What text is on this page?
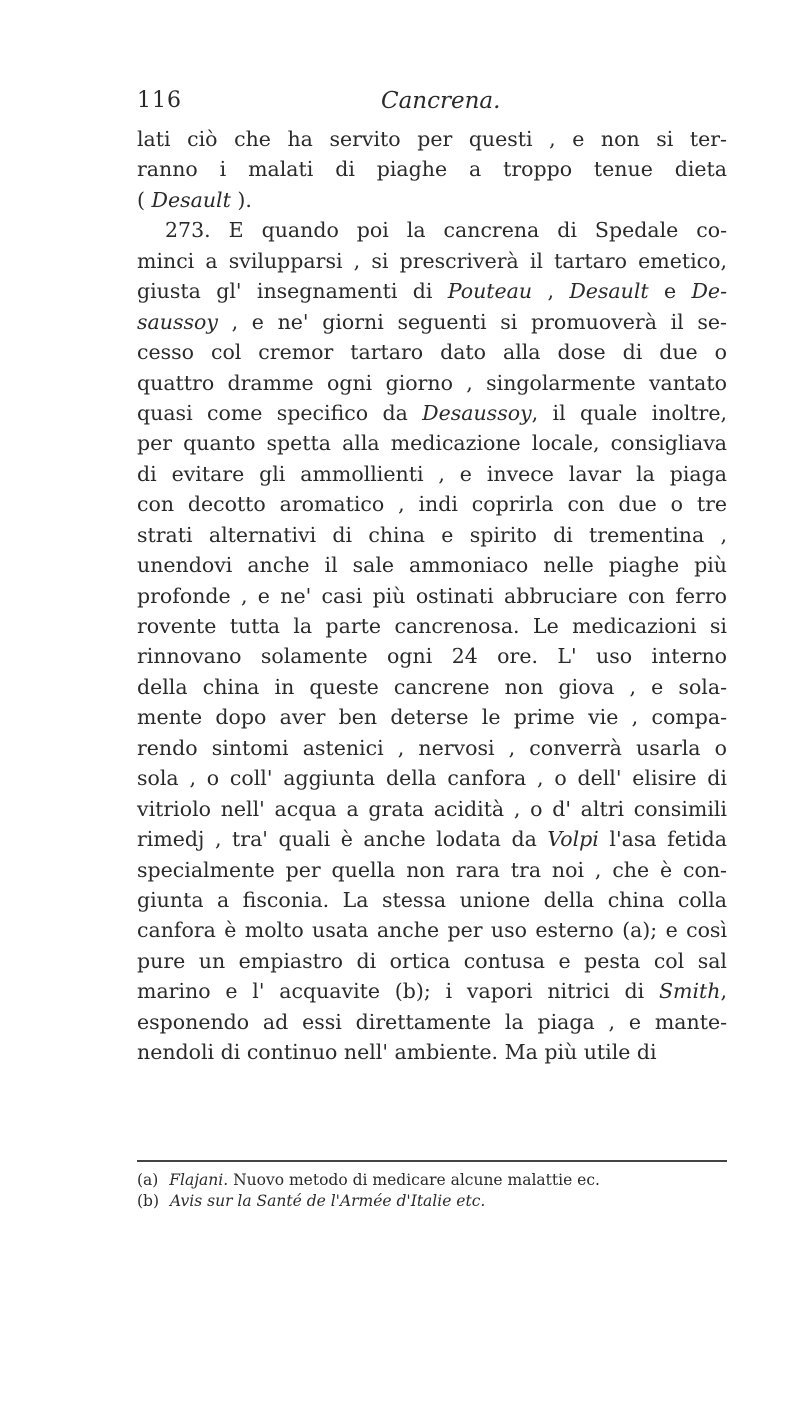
116	Cancrena.
lati ciò che ha servito per questi , e non si ter-
ranno i malati di piaghe a troppo tenue dieta
( Desault ).
273. E quando poi la cancrena di Spedale co-
minci a svilupparsi , si prescriverà il tartaro emetico,
giusta gl' insegnamenti di Pouteau , Desault e De-
saussoy , e ne' giorni seguenti si promuoverà il se-
cesso col cremor tartaro dato alla dose di due o
quattro dramme ogni giorno , singolarmente vantato
quasi come specifico da Desaussoy, il quale inoltre,
per quanto spetta alla medicazione locale, consigliava
di evitare gli ammollienti , e invece lavar la piaga
con decotto aromatico , indi coprirla con due o tre
strati alternativi di china e spirito di trementina ,
unendovi anche il sale ammoniaco nelle piaghe più
profonde , e ne' casi più ostinati abbruciare con ferro
rovente tutta la parte cancrenosa. Le medicazioni si
rinnovano solamente ogni 24 ore. L' uso interno
della china in queste cancrene non giova , e sola-
mente dopo aver ben deterse le prime vie , compa-
rendo sintomi astenici , nervosi , converrà usarla o
sola , o coll' aggiunta della canfora , o dell' elisire di
vitriolo nell' acqua a grata acidità , o d' altri consimili
rimedj , tra' quali è anche lodata da Volpi l'asa fetida
specialmente per quella non rara tra noi , che è con-
giunta a fisconia. La stessa unione della china colla
canfora è molto usata anche per uso esterno (a); e così
pure un empiastro di ortica contusa e pesta col sal
marino e l' acquavite (b); i vapori nitrici di Smith,
esponendo ad essi direttamente la piaga , e mante-
nendoli di continuo nell' ambiente. Ma più utile di
(a) Flajani. Nuovo metodo di medicare alcune malattie ec.
(b) Avis sur la Santé de l'Armée d'Italie etc.
